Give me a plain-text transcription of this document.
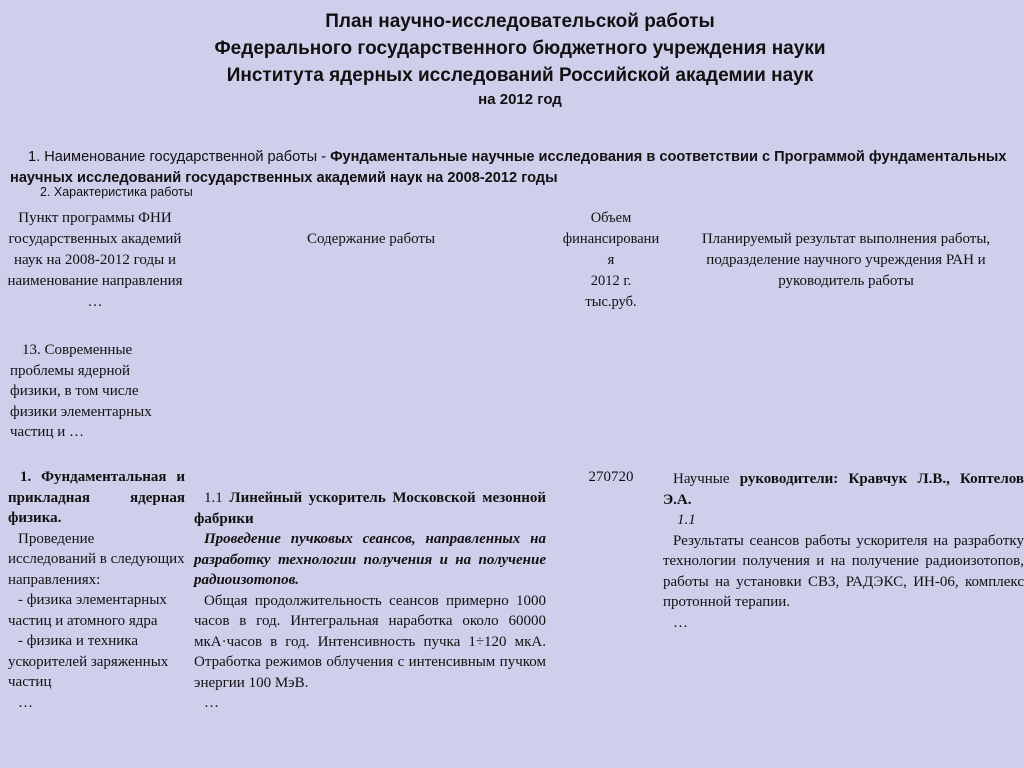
План научно-исследовательской работы
Федерального государственного бюджетного учреждения науки
Института ядерных исследований Российской академии наук
на 2012 год
1. Наименование государственной работы - Фундаментальные научные исследования в соответствии с Программой фундаментальных научных исследований государственных академий наук на 2008-2012 годы
2. Характеристика работы
Пункт программы ФНИ государственных академий наук на 2008-2012 годы и наименование направления …
Содержание работы
Объем
финансировани
я
2012 г.
тыс.руб.
Планируемый результат выполнения работы, подразделение научного учреждения РАН и руководитель работы
13. Современные проблемы ядерной физики, в том числе физики элементарных частиц и …

1. Фундаментальная и прикладная ядерная физика.

Проведение исследований в следующих направлениях:

- физика элементарных частиц и атомного ядра

- физика и техника ускорителей заряженных частиц

…

1.1 Линейный ускоритель Московской мезонной фабрики

Проведение пучковых сеансов, направленных на разработку технологии получения и на получение радиоизотопов.

Общая продолжительность сеансов примерно 1000 часов в год. Интегральная наработка около 60000 мкА·часов в год. Интенсивность пучка 1÷120 мкА. Отработка режимов облучения с интенсивным пучком энергии 100 МэВ.

…

270720	Научные руководители: Кравчук Л.В., Коптелов Э.А.

1.1

Результаты сеансов работы ускорителя на разработку технологии получения и на получение радиоизотопов, работы на установки СВЗ, РАДЭКС, ИН-06, комплекс протонной терапии.

…
